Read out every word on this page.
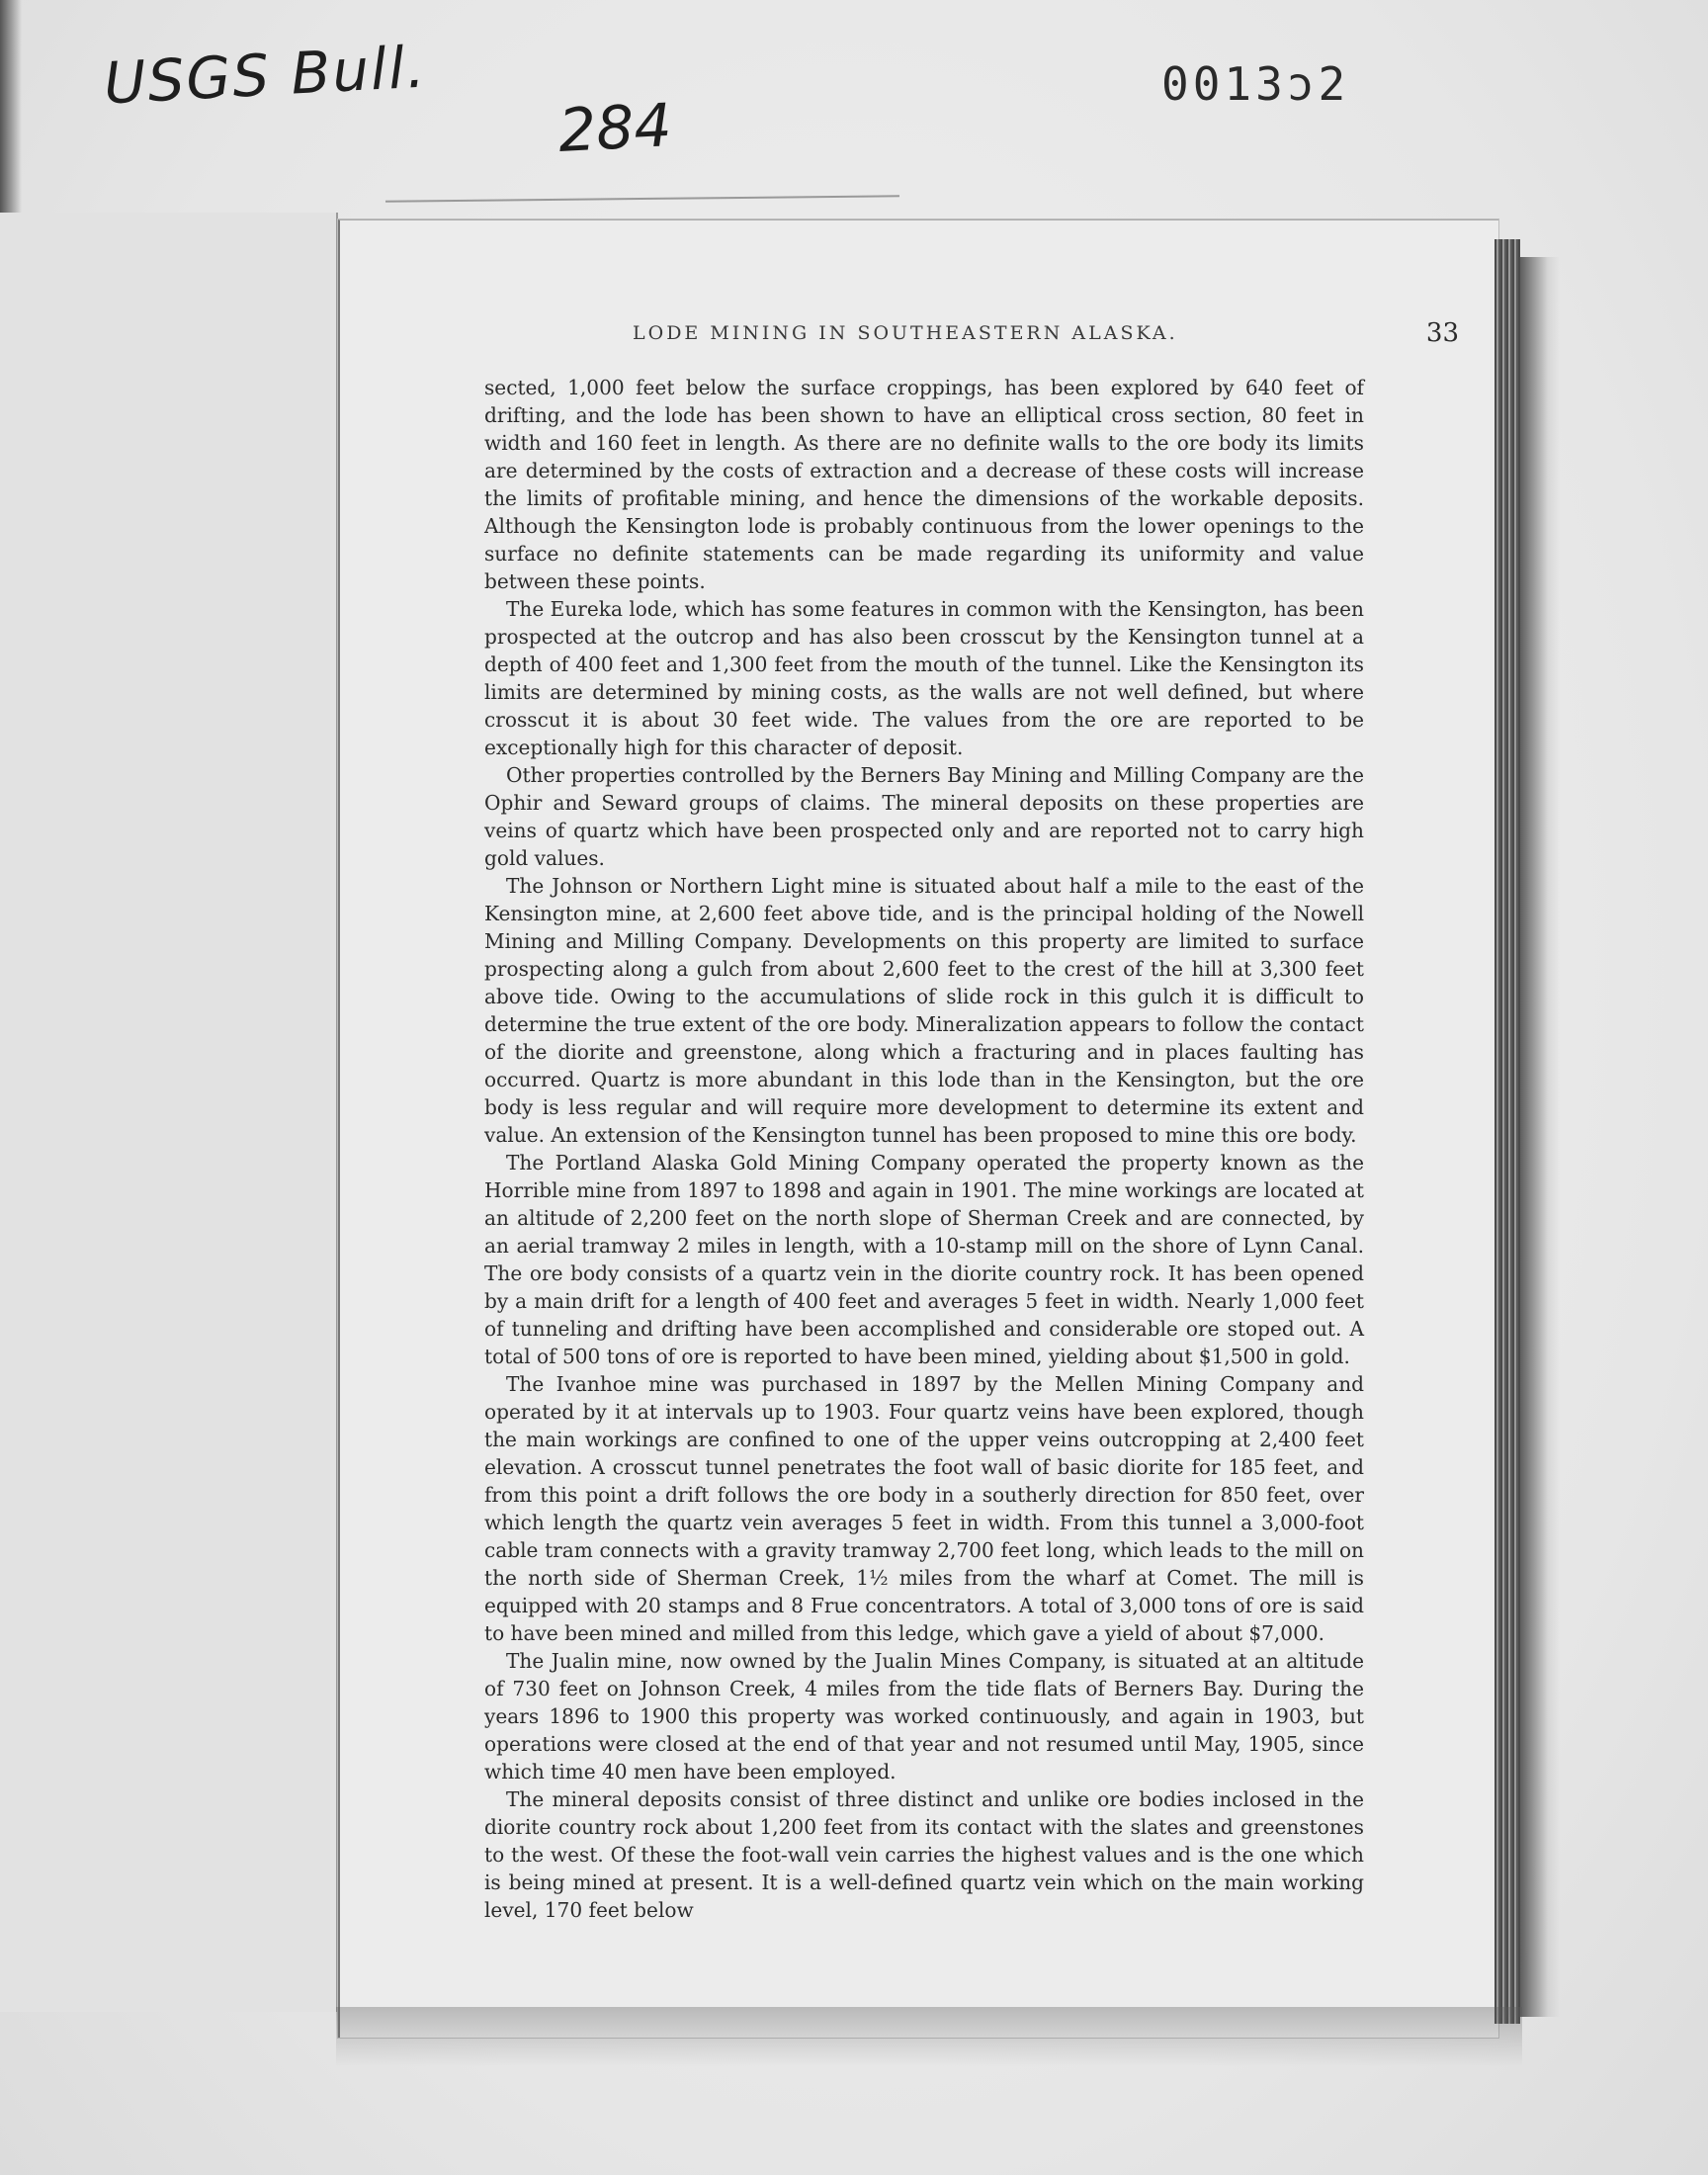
USGS Bull.
284
0013ɔ2
LODE MINING IN SOUTHEASTERN ALASKA.	33

sected, 1,000 feet below the surface croppings, has been explored by 640 feet of drifting, and the lode has been shown to have an elliptical cross section, 80 feet in width and 160 feet in length. As there are no definite walls to the ore body its limits are determined by the costs of extraction and a decrease of these costs will increase the limits of profitable mining, and hence the dimensions of the workable deposits. Although the Kensington lode is probably continuous from the lower openings to the surface no definite statements can be made regarding its uniformity and value between these points.

The Eureka lode, which has some features in common with the Kensington, has been prospected at the outcrop and has also been crosscut by the Kensington tunnel at a depth of 400 feet and 1,300 feet from the mouth of the tunnel. Like the Kensington its limits are determined by mining costs, as the walls are not well defined, but where crosscut it is about 30 feet wide. The values from the ore are reported to be exceptionally high for this character of deposit.

Other properties controlled by the Berners Bay Mining and Milling Company are the Ophir and Seward groups of claims. The mineral deposits on these properties are veins of quartz which have been prospected only and are reported not to carry high gold values.

The Johnson or Northern Light mine is situated about half a mile to the east of the Kensington mine, at 2,600 feet above tide, and is the principal holding of the Nowell Mining and Milling Company. Developments on this property are limited to surface prospecting along a gulch from about 2,600 feet to the crest of the hill at 3,300 feet above tide. Owing to the accumulations of slide rock in this gulch it is difficult to determine the true extent of the ore body. Mineralization appears to follow the contact of the diorite and greenstone, along which a fracturing and in places faulting has occurred. Quartz is more abundant in this lode than in the Kensington, but the ore body is less regular and will require more development to determine its extent and value. An extension of the Kensington tunnel has been proposed to mine this ore body.

The Portland Alaska Gold Mining Company operated the property known as the Horrible mine from 1897 to 1898 and again in 1901. The mine workings are located at an altitude of 2,200 feet on the north slope of Sherman Creek and are connected, by an aerial tramway 2 miles in length, with a 10-stamp mill on the shore of Lynn Canal. The ore body consists of a quartz vein in the diorite country rock. It has been opened by a main drift for a length of 400 feet and averages 5 feet in width. Nearly 1,000 feet of tunneling and drifting have been accomplished and considerable ore stoped out. A total of 500 tons of ore is reported to have been mined, yielding about $1,500 in gold.

The Ivanhoe mine was purchased in 1897 by the Mellen Mining Company and operated by it at intervals up to 1903. Four quartz veins have been explored, though the main workings are confined to one of the upper veins outcropping at 2,400 feet elevation. A crosscut tunnel penetrates the foot wall of basic diorite for 185 feet, and from this point a drift follows the ore body in a southerly direction for 850 feet, over which length the quartz vein averages 5 feet in width. From this tunnel a 3,000-foot cable tram connects with a gravity tramway 2,700 feet long, which leads to the mill on the north side of Sherman Creek, 1½ miles from the wharf at Comet. The mill is equipped with 20 stamps and 8 Frue concentrators. A total of 3,000 tons of ore is said to have been mined and milled from this ledge, which gave a yield of about $7,000.

The Jualin mine, now owned by the Jualin Mines Company, is situated at an altitude of 730 feet on Johnson Creek, 4 miles from the tide flats of Berners Bay. During the years 1896 to 1900 this property was worked continuously, and again in 1903, but operations were closed at the end of that year and not resumed until May, 1905, since which time 40 men have been employed.

The mineral deposits consist of three distinct and unlike ore bodies inclosed in the diorite country rock about 1,200 feet from its contact with the slates and greenstones to the west. Of these the foot-wall vein carries the highest values and is the one which is being mined at present. It is a well-defined quartz vein which on the main working level, 170 feet below
